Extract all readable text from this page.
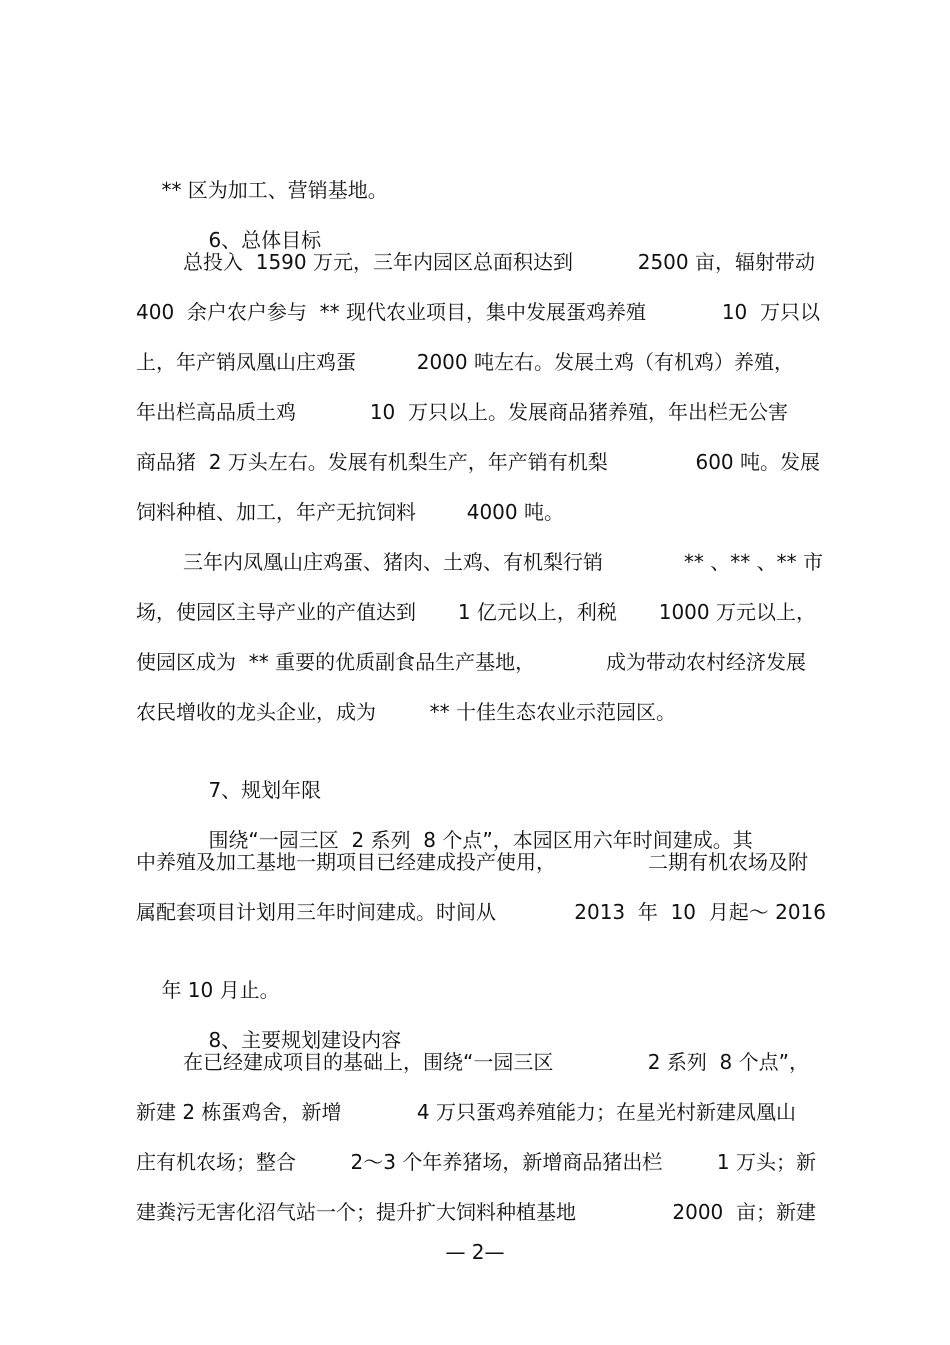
** 区为加工、营销基地。

6、总体目标

总投入  1590 万元，三年内园区总面积达到	2500 亩，辐射带动
400  余户农户参与  ** 现代农业项目，集中发展蛋鸡养殖	10  万只以
上，年产销凤凰山庄鸡蛋	2000 吨左右。发展土鸡（有机鸡）养殖，
年出栏高品质土鸡	10  万只以上。发展商品猪养殖，年出栏无公害
商品猪  2 万头左右。发展有机梨生产，年产销有机梨	600 吨。发展
饲料种植、加工，年产无抗饲料	4000 吨。
三年内凤凰山庄鸡蛋、猪肉、土鸡、有机梨行销	** 、** 、** 市
场，使园区主导产业的产值达到 1 亿元以上，利税 1000 万元以上，
使园区成为  ** 重要的优质副食品生产基地，	成为带动农村经济发展
农民增收的龙头企业，成为	** 十佳生态农业示范园区。

7、规划年限

围绕“一园三区  2 系列  8 个点”，本园区用六年时间建成。其

中养殖及加工基地一期项目已经建成投产使用，	二期有机农场及附
属配套项目计划用三年时间建成。时间从	2013  年  10  月起～ 2016

年 10 月止。

8、主要规划建设内容

在已经建成项目的基础上，围绕“一园三区	2 系列  8 个点”，
新建 2 栋蛋鸡舍，新增	4 万只蛋鸡养殖能力；在星光村新建凤凰山
庄有机农场；整合	2～3 个年养猪场，新增商品猪出栏	1 万头；新
建粪污无害化沼气站一个；提升扩大饲料种植基地	2000  亩；新建
— 2—
